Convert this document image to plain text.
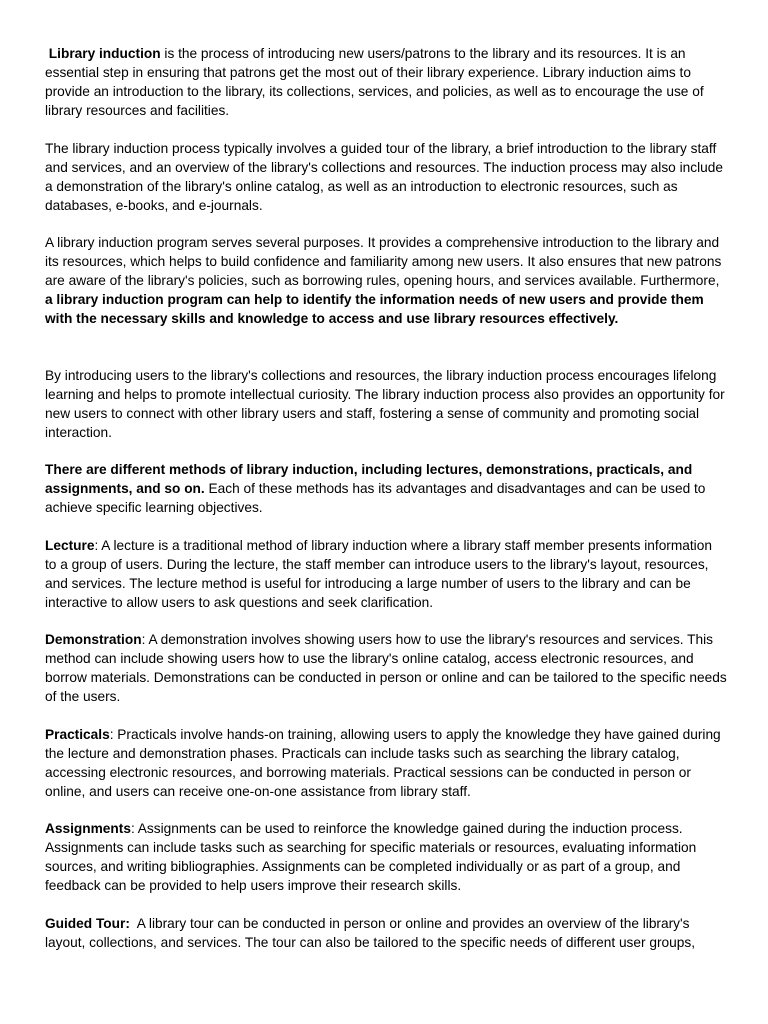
Library induction is the process of introducing new users/patrons to the library and its resources. It is an essential step in ensuring that patrons get the most out of their library experience. Library induction aims to provide an introduction to the library, its collections, services, and policies, as well as to encourage the use of library resources and facilities.

The library induction process typically involves a guided tour of the library, a brief introduction to the library staff and services, and an overview of the library's collections and resources. The induction process may also include a demonstration of the library's online catalog, as well as an introduction to electronic resources, such as databases, e-books, and e-journals.

A library induction program serves several purposes. It provides a comprehensive introduction to the library and its resources, which helps to build confidence and familiarity among new users. It also ensures that new patrons are aware of the library's policies, such as borrowing rules, opening hours, and services available. Furthermore, a library induction program can help to identify the information needs of new users and provide them with the necessary skills and knowledge to access and use library resources effectively.

By introducing users to the library's collections and resources, the library induction process encourages lifelong learning and helps to promote intellectual curiosity. The library induction process also provides an opportunity for new users to connect with other library users and staff, fostering a sense of community and promoting social interaction.

There are different methods of library induction, including lectures, demonstrations, practicals, and assignments, and so on. Each of these methods has its advantages and disadvantages and can be used to achieve specific learning objectives.

Lecture: A lecture is a traditional method of library induction where a library staff member presents information to a group of users. During the lecture, the staff member can introduce users to the library's layout, resources, and services. The lecture method is useful for introducing a large number of users to the library and can be interactive to allow users to ask questions and seek clarification.

Demonstration: A demonstration involves showing users how to use the library's resources and services. This method can include showing users how to use the library's online catalog, access electronic resources, and borrow materials. Demonstrations can be conducted in person or online and can be tailored to the specific needs of the users.

Practicals: Practicals involve hands-on training, allowing users to apply the knowledge they have gained during the lecture and demonstration phases. Practicals can include tasks such as searching the library catalog, accessing electronic resources, and borrowing materials. Practical sessions can be conducted in person or online, and users can receive one-on-one assistance from library staff.

Assignments: Assignments can be used to reinforce the knowledge gained during the induction process. Assignments can include tasks such as searching for specific materials or resources, evaluating information sources, and writing bibliographies. Assignments can be completed individually or as part of a group, and feedback can be provided to help users improve their research skills.

Guided Tour:  A library tour can be conducted in person or online and provides an overview of the library's layout, collections, and services. The tour can also be tailored to the specific needs of different user groups,
